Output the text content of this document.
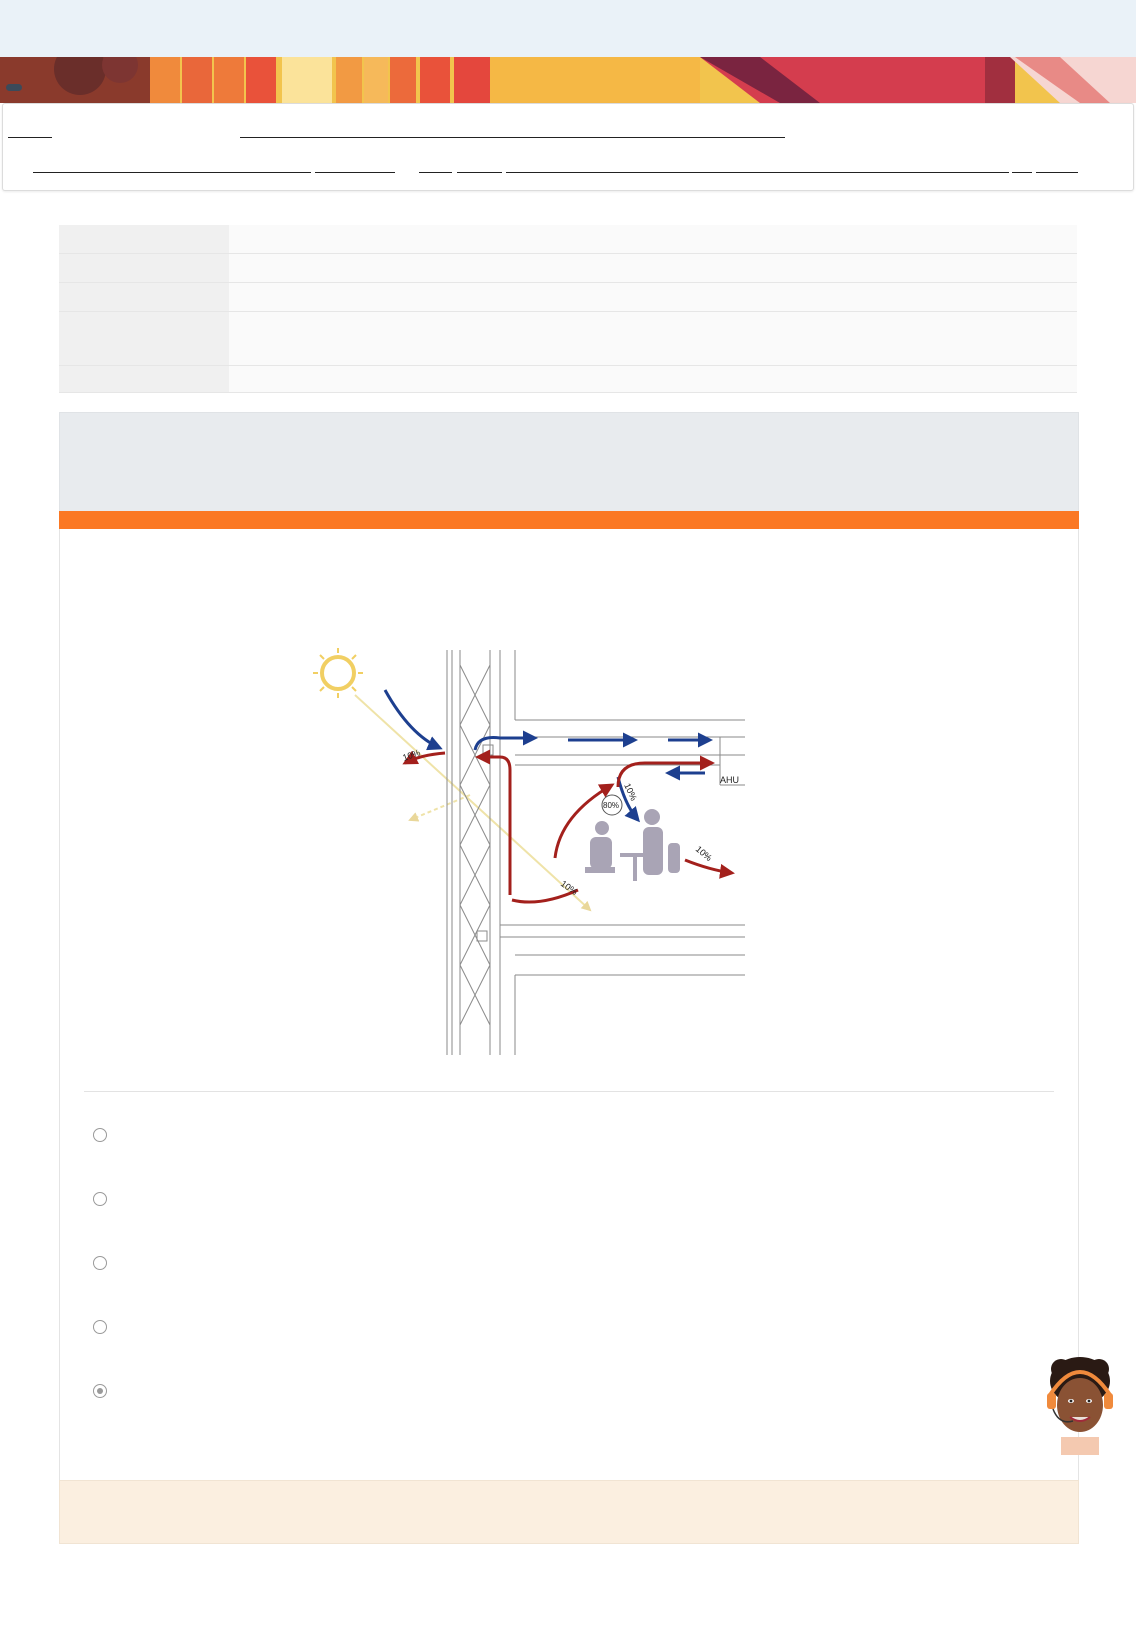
AHU
10%
80%
10%
10%
10%
